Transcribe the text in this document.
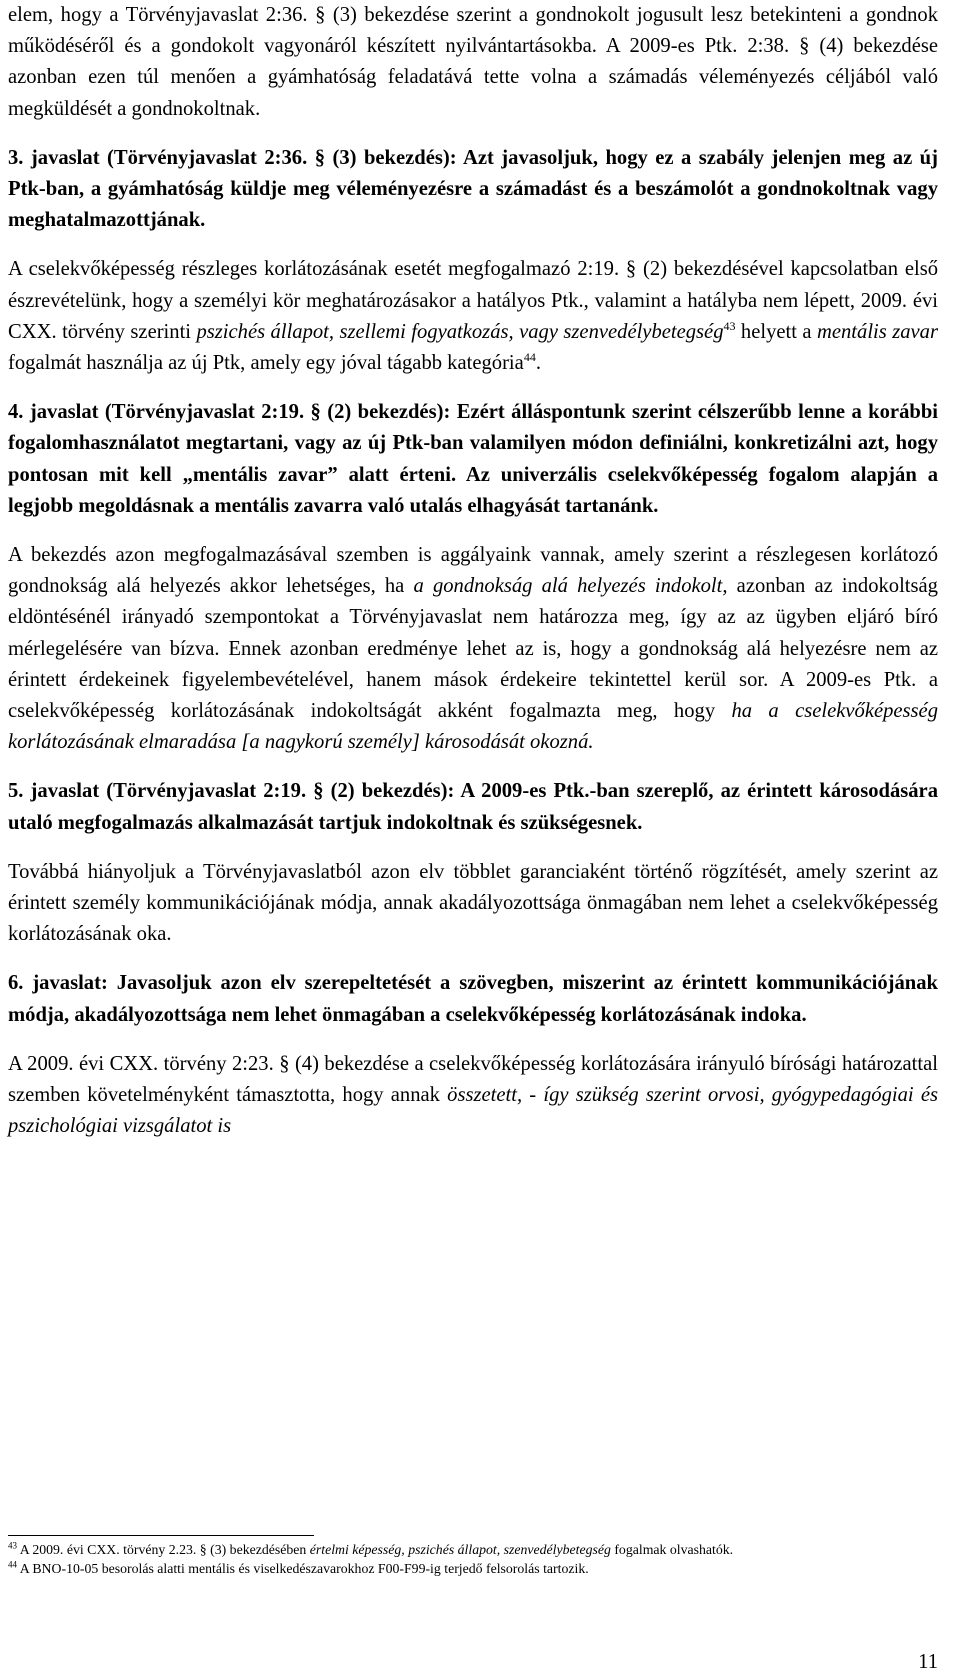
elem, hogy a Törvényjavaslat 2:36. § (3) bekezdése szerint a gondnokolt jogusult lesz betekinteni a gondnok működéséről és a gondokolt vagyonáról készített nyilvántartásokba. A 2009-es Ptk. 2:38. § (4) bekezdése azonban ezen túl menően a gyámhatóság feladatává tette volna a számadás véleményezés céljából való megküldését a gondnokoltnak.

3. javaslat (Törvényjavaslat 2:36. § (3) bekezdés): Azt javasoljuk, hogy ez a szabály jelenjen meg az új Ptk-ban, a gyámhatóság küldje meg véleményezésre a számadást és a beszámolót a gondnokoltnak vagy meghatalmazottjának.

A cselekvőképesség részleges korlátozásának esetét megfogalmazó 2:19. § (2) bekezdésével kapcsolatban első észrevételünk, hogy a személyi kör meghatározásakor a hatályos Ptk., valamint a hatályba nem lépett, 2009. évi CXX. törvény szerinti pszichés állapot, szellemi fogyatkozás, vagy szenvedélybetegség$^{43}$ helyett a mentális zavar fogalmát használja az új Ptk, amely egy jóval tágabb kategória$^{44}$.

4. javaslat (Törvényjavaslat 2:19. § (2) bekezdés): Ezért álláspontunk szerint célszerűbb lenne a korábbi fogalomhasználatot megtartani, vagy az új Ptk-ban valamilyen módon definiálni, konkretizálni azt, hogy pontosan mit kell „mentális zavar” alatt érteni. Az univerzális cselekvőképesség fogalom alapján a legjobb megoldásnak a mentális zavarra való utalás elhagyását tartanánk.

A bekezdés azon megfogalmazásával szemben is aggályaink vannak, amely szerint a részlegesen korlátozó gondnokság alá helyezés akkor lehetséges, ha a gondnokság alá helyezés indokolt, azonban az indokoltság eldöntésénél irányadó szempontokat a Törvényjavaslat nem határozza meg, így az az ügyben eljáró bíró mérlegelésére van bízva. Ennek azonban eredménye lehet az is, hogy a gondnokság alá helyezésre nem az érintett érdekeinek figyelembevételével, hanem mások érdekeire tekintettel kerül sor. A 2009-es Ptk. a cselekvőképesség korlátozásának indokoltságát akként fogalmazta meg, hogy ha a cselekvőképesség korlátozásának elmaradása [a nagykorú személy] károsodását okozná.

5. javaslat (Törvényjavaslat 2:19. § (2) bekezdés): A 2009-es Ptk.-ban szereplő, az érintett károsodására utaló megfogalmazás alkalmazását tartjuk indokoltnak és szükségesnek.

Továbbá hiányoljuk a Törvényjavaslatból azon elv többlet garanciaként történő rögzítését, amely szerint az érintett személy kommunikációjának módja, annak akadályozottsága önmagában nem lehet a cselekvőképesség korlátozásának oka.

6. javaslat: Javasoljuk azon elv szerepeltetését a szövegben, miszerint az érintett kommunikációjának módja, akadályozottsága nem lehet önmagában a cselekvőképesség korlátozásának indoka.

A 2009. évi CXX. törvény 2:23. § (4) bekezdése a cselekvőképesség korlátozására irányuló bírósági határozattal szemben követelményként támasztotta, hogy annak összetett, - így szükség szerint orvosi, gyógypedagógiai és pszichológiai vizsgálatot is

$^{43}$ A 2009. évi CXX. törvény 2.23. § (3) bekezdésében értelmi képesség, pszichés állapot, szenvedélybetegség fogalmak olvashatók.

$^{44}$ A BNO-10-05 besorolás alatti mentális és viselkedészavarokhoz F00-F99-ig terjedő felsorolás tartozik.

11
